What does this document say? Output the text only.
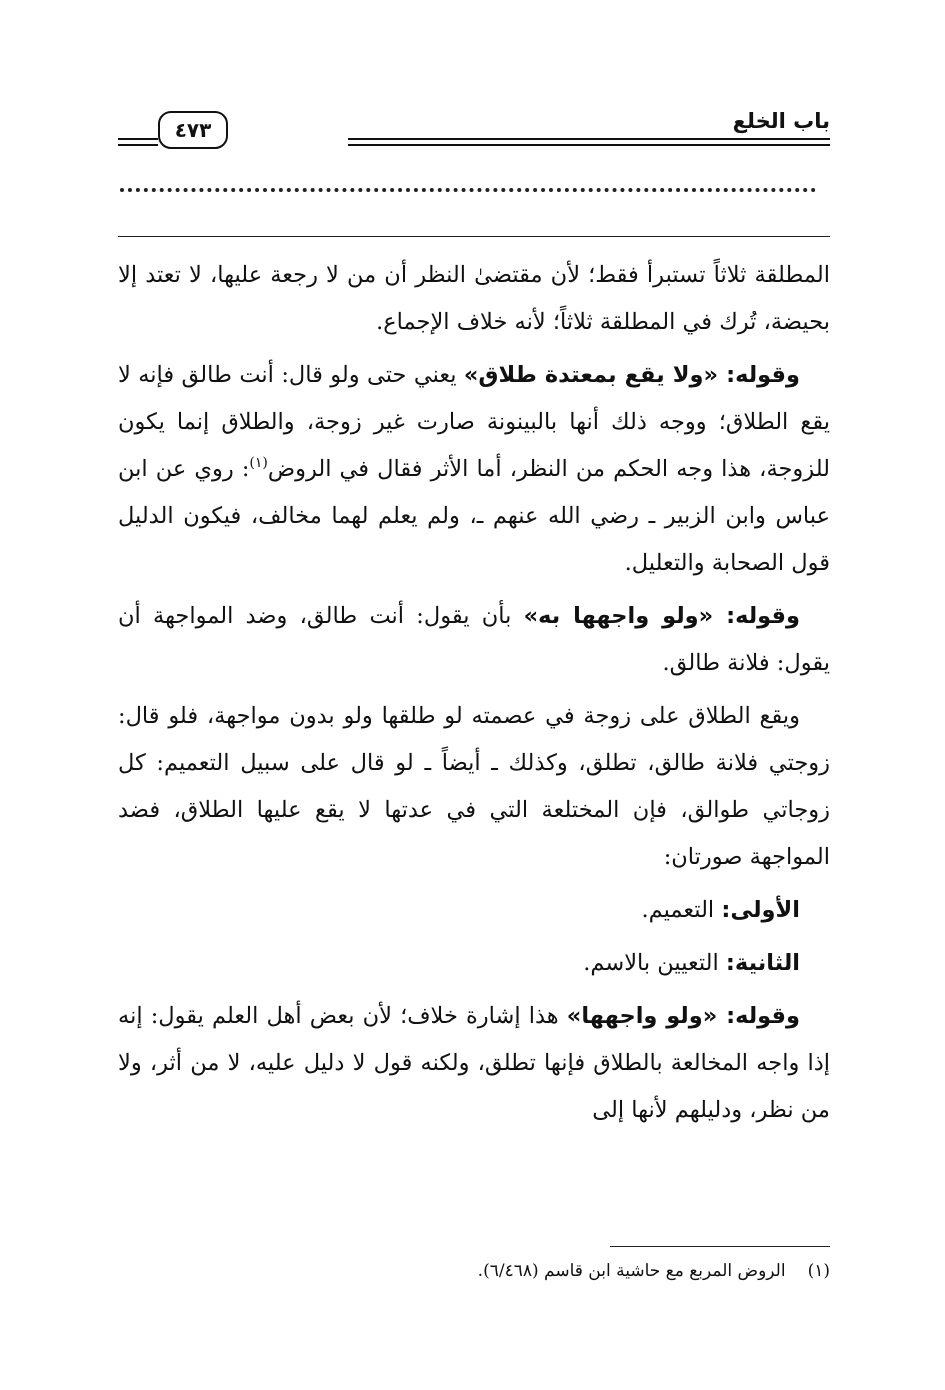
باب الخلع
٤٧٣

المطلقة ثلاثاً تستبرأ فقط؛ لأن مقتضىٰ النظر أن من لا رجعة عليها، لا تعتد إلا بحيضة، تُرك في المطلقة ثلاثاً؛ لأنه خلاف الإجماع.

وقوله: «ولا يقع بمعتدة طلاق» يعني حتى ولو قال: أنت طالق فإنه لا يقع الطلاق؛ ووجه ذلك أنها بالبينونة صارت غير زوجة، والطلاق إنما يكون للزوجة، هذا وجه الحكم من النظر، أما الأثر فقال في الروض$^{(١)}$: روي عن ابن عباس وابن الزبير ـ رضي الله عنهم ـ، ولم يعلم لهما مخالف، فيكون الدليل قول الصحابة والتعليل.

وقوله: «ولو واجهها به» بأن يقول: أنت طالق، وضد المواجهة أن يقول: فلانة طالق.

ويقع الطلاق على زوجة في عصمته لو طلقها ولو بدون مواجهة، فلو قال: زوجتي فلانة طالق، تطلق، وكذلك ـ أيضاً ـ لو قال على سبيل التعميم: كل زوجاتي طوالق، فإن المختلعة التي في عدتها لا يقع عليها الطلاق، فضد المواجهة صورتان:

الأولى: التعميم.

الثانية: التعيين بالاسم.

وقوله: «ولو واجهها» هذا إشارة خلاف؛ لأن بعض أهل العلم يقول: إنه إذا واجه المخالعة بالطلاق فإنها تطلق، ولكنه قول لا دليل عليه، لا من أثر، ولا من نظر، ودليلهم لأنها إلى

(١)الروض المربع مع حاشية ابن قاسم (٦/٤٦٨).
